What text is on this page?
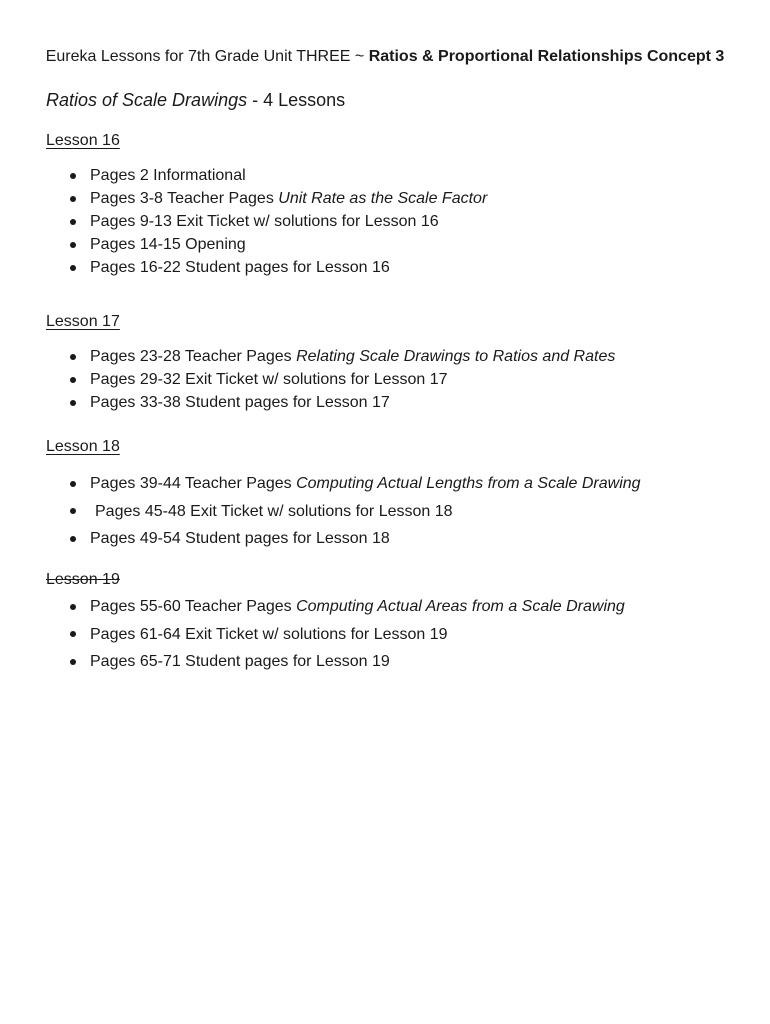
Eureka Lessons for 7th Grade Unit THREE ~ Ratios & Proportional Relationships Concept 3
Ratios of Scale Drawings - 4 Lessons
Lesson 16
Pages 2 Informational
Pages 3-8 Teacher Pages Unit Rate as the Scale Factor
Pages 9-13 Exit Ticket w/ solutions for Lesson 16
Pages 14-15 Opening
Pages 16-22 Student pages for Lesson 16
Lesson 17
Pages 23-28 Teacher Pages Relating Scale Drawings to Ratios and Rates
Pages 29-32 Exit Ticket w/ solutions for Lesson 17
Pages 33-38 Student pages for Lesson 17
Lesson 18
Pages 39-44 Teacher Pages Computing Actual Lengths from a Scale Drawing
Pages 45-48 Exit Ticket w/ solutions for Lesson 18
Pages 49-54 Student pages for Lesson 18
Lesson 19
Pages 55-60 Teacher Pages Computing Actual Areas from a Scale Drawing
Pages 61-64 Exit Ticket w/ solutions for Lesson 19
Pages 65-71 Student pages for Lesson 19
